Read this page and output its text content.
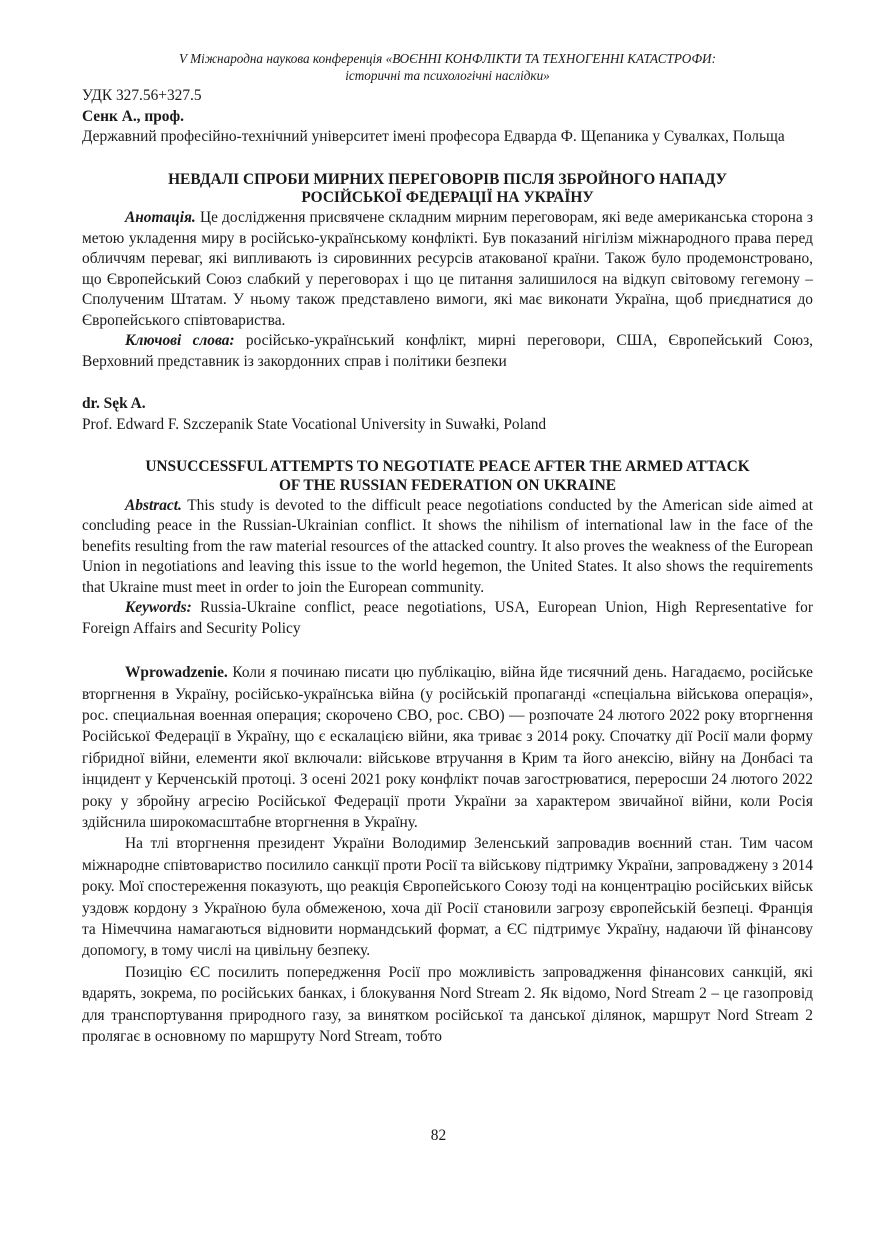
V Міжнародна наукова конференція «ВОЄННІ КОНФЛІКТИ ТА ТЕХНОГЕННІ КАТАСТРОФИ:
історичні та психологічні наслідки»

УДК 327.56+327.5

Сенк А., проф.

Державний професійно-технічний університет імені професора Едварда Ф. Щепаника у Сувалках, Польща

НЕВДАЛІ СПРОБИ МИРНИХ ПЕРЕГОВОРІВ ПІСЛЯ ЗБРОЙНОГО НАПАДУ
РОСІЙСЬКОЇ ФЕДЕРАЦІЇ НА УКРАЇНУ

Анотація. Це дослідження присвячене складним мирним переговорам, які веде американська сторона з метою укладення миру в російсько-українському конфлікті. Був показаний нігілізм міжнародного права перед обличчям переваг, які випливають із сировинних ресурсів атакованої країни. Також було продемонстровано, що Європейський Союз слабкий у переговорах і що це питання залишилося на відкуп світовому гегемону – Сполученим Штатам. У ньому також представлено вимоги, які має виконати Україна, щоб приєднатися до Європейського співтовариства.

Ключові слова: російсько-український конфлікт, мирні переговори, США, Європейський Союз, Верховний представник із закордонних справ і політики безпеки

dr. Sęk A.

Prof. Edward F. Szczepanik State Vocational University in Suwałki, Poland

UNSUCCESSFUL ATTEMPTS TO NEGOTIATE PEACE AFTER THE ARMED ATTACK
OF THE RUSSIAN FEDERATION ON UKRAINE

Abstract. This study is devoted to the difficult peace negotiations conducted by the American side aimed at concluding peace in the Russian-Ukrainian conflict. It shows the nihilism of international law in the face of the benefits resulting from the raw material resources of the attacked country. It also proves the weakness of the European Union in negotiations and leaving this issue to the world hegemon, the United States. It also shows the requirements that Ukraine must meet in order to join the European community.

Keywords: Russia-Ukraine conflict, peace negotiations, USA, European Union, High Representative for Foreign Affairs and Security Policy

Wprowadzenie. Коли я починаю писати цю публікацію, війна йде тисячний день. Нагадаємо, російське вторгнення в Україну, російсько-українська війна (у російській пропаганді «спеціальна військова операція», рос. специальная военная операция; скорочено СВО, рос. СВО) — розпочате 24 лютого 2022 року вторгнення Російської Федерації в Україну, що є ескалацією війни, яка триває з 2014 року. Спочатку дії Росії мали форму гібридної війни, елементи якої включали: військове втручання в Крим та його анексію, війну на Донбасі та інцидент у Керченській протоці. З осені 2021 року конфлікт почав загострюватися, переросши 24 лютого 2022 року у збройну агресію Російської Федерації проти України за характером звичайної війни, коли Росія здійснила широкомасштабне вторгнення в Україну.

На тлі вторгнення президент України Володимир Зеленський запровадив воєнний стан. Тим часом міжнародне співтовариство посилило санкції проти Росії та військову підтримку України, запроваджену з 2014 року. Мої спостереження показують, що реакція Європейського Союзу тоді на концентрацію російських військ уздовж кордону з Україною була обмеженою, хоча дії Росії становили загрозу європейській безпеці. Франція та Німеччина намагаються відновити нормандський формат, а ЄС підтримує Україну, надаючи їй фінансову допомогу, в тому числі на цивільну безпеку.

Позицію ЄС посилить попередження Росії про можливість запровадження фінансових санкцій, які вдарять, зокрема, по російських банках, і блокування Nord Stream 2. Як відомо, Nord Stream 2 – це газопровід для транспортування природного газу, за винятком російської та данської ділянок, маршрут Nord Stream 2 пролягає в основному по маршруту Nord Stream, тобто

82
